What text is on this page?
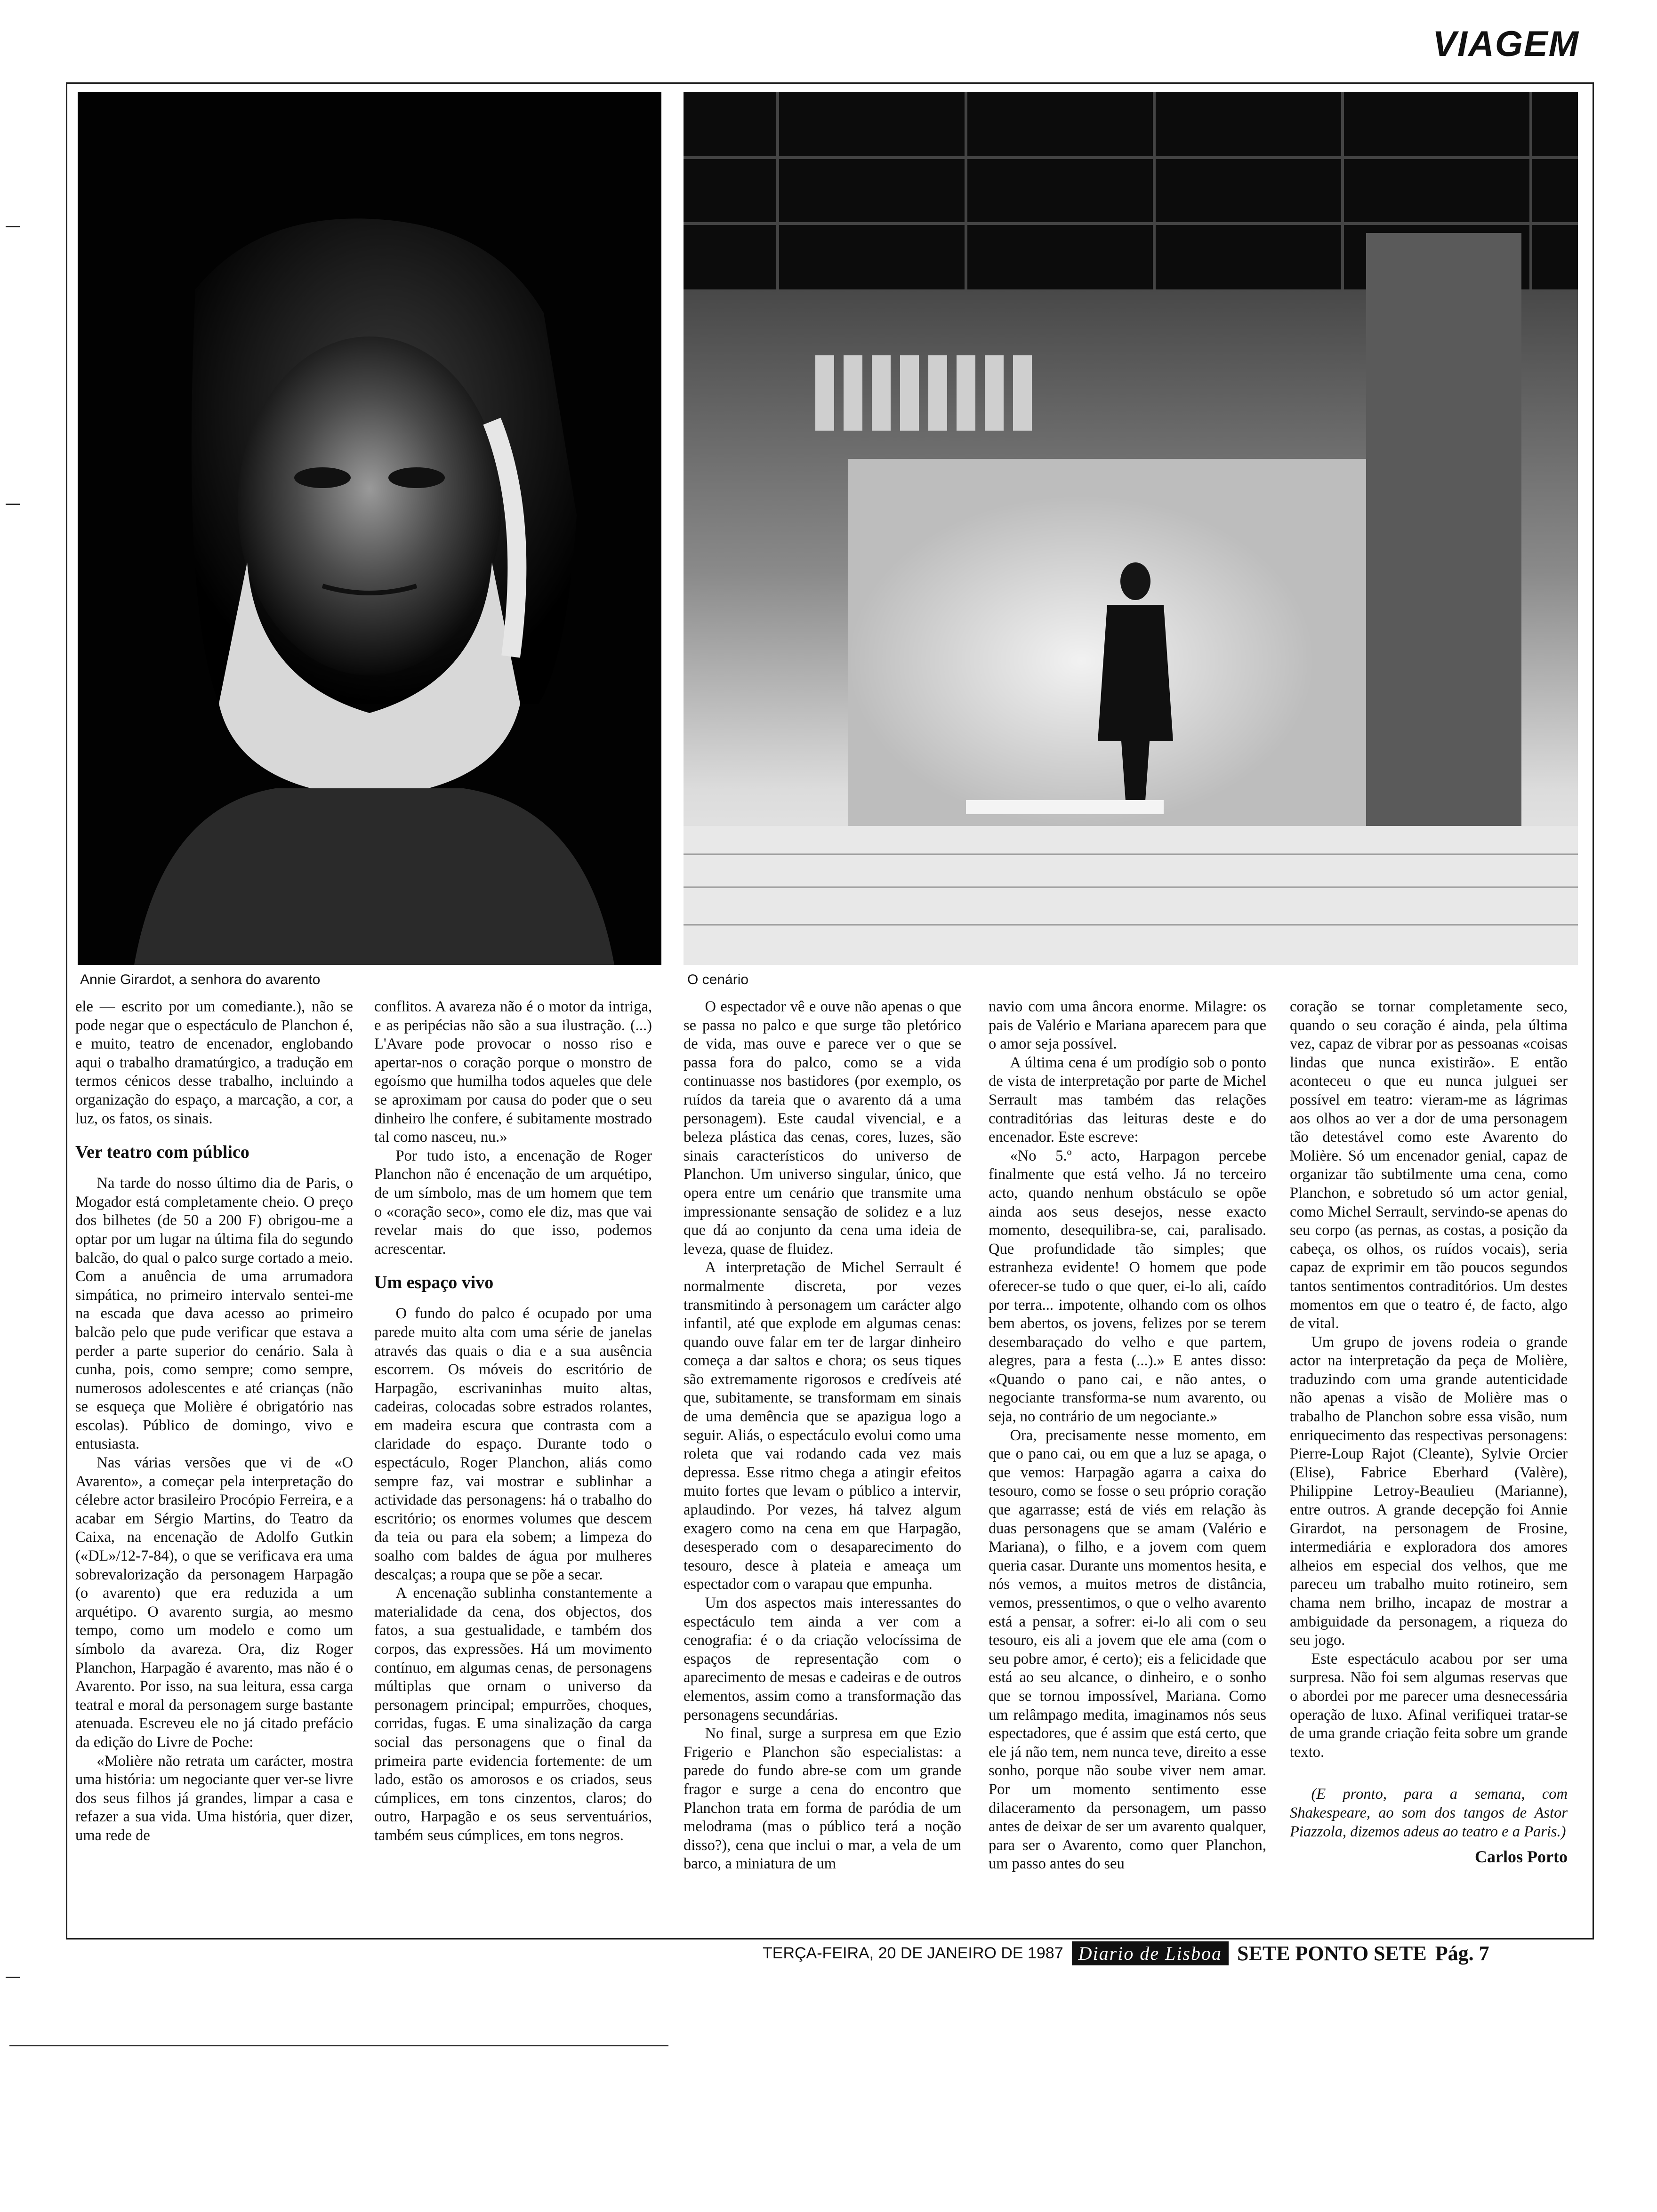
VIAGEM
Annie Girardot, a senhora do avarento	O cenário

ele — escrito por um comediante.), não se pode negar que o espectáculo de Planchon é, e muito, teatro de encenador, englobando aqui o trabalho dramatúrgico, a tradução em termos cénicos desse trabalho, incluindo a organização do espaço, a marcação, a cor, a luz, os fatos, os sinais.

Ver teatro com público

Na tarde do nosso último dia de Paris, o Mogador está completamente cheio. O preço dos bilhetes (de 50 a 200 F) obrigou-me a optar por um lugar na última fila do segundo balcão, do qual o palco surge cortado a meio. Com a anuência de uma arrumadora simpática, no primeiro intervalo sentei-me na escada que dava acesso ao primeiro balcão pelo que pude verificar que estava a perder a parte superior do cenário. Sala à cunha, pois, como sempre; como sempre, numerosos adolescentes e até crianças (não se esqueça que Molière é obrigatório nas escolas). Público de domingo, vivo e entusiasta.

Nas várias versões que vi de «O Avarento», a começar pela interpretação do célebre actor brasileiro Procópio Ferreira, e a acabar em Sérgio Martins, do Teatro da Caixa, na encenação de Adolfo Gutkin («DL»/12-7-84), o que se verificava era uma sobrevalorização da personagem Harpagão (o avarento) que era reduzida a um arquétipo. O avarento surgia, ao mesmo tempo, como um modelo e como um símbolo da avareza. Ora, diz Roger Planchon, Harpagão é avarento, mas não é o Avarento. Por isso, na sua leitura, essa carga teatral e moral da personagem surge bastante atenuada. Escreveu ele no já citado prefácio da edição do Livre de Poche:

«Molière não retrata um carácter, mostra uma história: um negociante quer ver-se livre dos seus filhos já grandes, limpar a casa e refazer a sua vida. Uma história, quer dizer, uma rede de

conflitos. A avareza não é o motor da intriga, e as peripécias não são a sua ilustração. (...) L'Avare pode provocar o nosso riso e apertar-nos o coração porque o monstro de egoísmo que humilha todos aqueles que dele se aproximam por causa do poder que o seu dinheiro lhe confere, é subitamente mostrado tal como nasceu, nu.»

Por tudo isto, a encenação de Roger Planchon não é encenação de um arquétipo, de um símbolo, mas de um homem que tem o «coração seco», como ele diz, mas que vai revelar mais do que isso, podemos acrescentar.

Um espaço vivo

O fundo do palco é ocupado por uma parede muito alta com uma série de janelas através das quais o dia e a sua ausência escorrem. Os móveis do escritório de Harpagão, escrivaninhas muito altas, cadeiras, colocadas sobre estrados rolantes, em madeira escura que contrasta com a claridade do espaço. Durante todo o espectáculo, Roger Planchon, aliás como sempre faz, vai mostrar e sublinhar a actividade das personagens: há o trabalho do escritório; os enormes volumes que descem da teia ou para ela sobem; a limpeza do soalho com baldes de água por mulheres descalças; a roupa que se põe a secar.

A encenação sublinha constantemente a materialidade da cena, dos objectos, dos fatos, a sua gestualidade, e também dos corpos, das expressões. Há um movimento contínuo, em algumas cenas, de personagens múltiplas que ornam o universo da personagem principal; empurrões, choques, corridas, fugas. E uma sinalização da carga social das personagens que o final da primeira parte evidencia fortemente: de um lado, estão os amorosos e os criados, seus cúmplices, em tons cinzentos, claros; do outro, Harpagão e os seus serventuários, também seus cúmplices, em tons negros.

O espectador vê e ouve não apenas o que se passa no palco e que surge tão pletórico de vida, mas ouve e parece ver o que se passa fora do palco, como se a vida continuasse nos bastidores (por exemplo, os ruídos da tareia que o avarento dá a uma personagem). Este caudal vivencial, e a beleza plástica das cenas, cores, luzes, são sinais característicos do universo de Planchon. Um universo singular, único, que opera entre um cenário que transmite uma impressionante sensação de solidez e a luz que dá ao conjunto da cena uma ideia de leveza, quase de fluidez.

A interpretação de Michel Serrault é normalmente discreta, por vezes transmitindo à personagem um carácter algo infantil, até que explode em algumas cenas: quando ouve falar em ter de largar dinheiro começa a dar saltos e chora; os seus tiques são extremamente rigorosos e credíveis até que, subitamente, se transformam em sinais de uma demência que se apazigua logo a seguir. Aliás, o espectáculo evolui como uma roleta que vai rodando cada vez mais depressa. Esse ritmo chega a atingir efeitos muito fortes que levam o público a intervir, aplaudindo. Por vezes, há talvez algum exagero como na cena em que Harpagão, desesperado com o desaparecimento do tesouro, desce à plateia e ameaça um espectador com o varapau que empunha.

Um dos aspectos mais interessantes do espectáculo tem ainda a ver com a cenografia: é o da criação velocíssima de espaços de representação com o aparecimento de mesas e cadeiras e de outros elementos, assim como a transformação das personagens secundárias.

No final, surge a surpresa em que Ezio Frigerio e Planchon são especialistas: a parede do fundo abre-se com um grande fragor e surge a cena do encontro que Planchon trata em forma de paródia de um melodrama (mas o público terá a noção disso?), cena que inclui o mar, a vela de um barco, a miniatura de um

navio com uma âncora enorme. Milagre: os pais de Valério e Mariana aparecem para que o amor seja possível.

A última cena é um prodígio sob o ponto de vista de interpretação por parte de Michel Serrault mas também das relações contraditórias das leituras deste e do encenador. Este escreve:

«No 5.º acto, Harpagon percebe finalmente que está velho. Já no terceiro acto, quando nenhum obstáculo se opõe ainda aos seus desejos, nesse exacto momento, desequilibra-se, cai, paralisado. Que profundidade tão simples; que estranheza evidente! O homem que pode oferecer-se tudo o que quer, ei-lo ali, caído por terra... impotente, olhando com os olhos bem abertos, os jovens, felizes por se terem desembaraçado do velho e que partem, alegres, para a festa (...).» E antes disso: «Quando o pano cai, e não antes, o negociante transforma-se num avarento, ou seja, no contrário de um negociante.»

Ora, precisamente nesse momento, em que o pano cai, ou em que a luz se apaga, o que vemos: Harpagão agarra a caixa do tesouro, como se fosse o seu próprio coração que agarrasse; está de viés em relação às duas personagens que se amam (Valério e Mariana), o filho, e a jovem com quem queria casar. Durante uns momentos hesita, e nós vemos, a muitos metros de distância, vemos, pressentimos, o que o velho avarento está a pensar, a sofrer: ei-lo ali com o seu tesouro, eis ali a jovem que ele ama (com o seu pobre amor, é certo); eis a felicidade que está ao seu alcance, o dinheiro, e o sonho que se tornou impossível, Mariana. Como um relâmpago medita, imaginamos nós seus espectadores, que é assim que está certo, que ele já não tem, nem nunca teve, direito a esse sonho, porque não soube viver nem amar. Por um momento sentimento esse dilaceramento da personagem, um passo antes de deixar de ser um avarento qualquer, para ser o Avarento, como quer Planchon, um passo antes do seu

coração se tornar completamente seco, quando o seu coração é ainda, pela última vez, capaz de vibrar por as pessoanas «coisas lindas que nunca existirão». E então aconteceu o que eu nunca julguei ser possível em teatro: vieram-me as lágrimas aos olhos ao ver a dor de uma personagem tão detestável como este Avarento do Molière. Só um encenador genial, capaz de organizar tão subtilmente uma cena, como Planchon, e sobretudo só um actor genial, como Michel Serrault, servindo-se apenas do seu corpo (as pernas, as costas, a posição da cabeça, os olhos, os ruídos vocais), seria capaz de exprimir em tão poucos segundos tantos sentimentos contraditórios. Um destes momentos em que o teatro é, de facto, algo de vital.

Um grupo de jovens rodeia o grande actor na interpretação da peça de Molière, traduzindo com uma grande autenticidade não apenas a visão de Molière mas o trabalho de Planchon sobre essa visão, num enriquecimento das respectivas personagens: Pierre-Loup Rajot (Cleante), Sylvie Orcier (Elise), Fabrice Eberhard (Valère), Philippine Letroy-Beaulieu (Marianne), entre outros. A grande decepção foi Annie Girardot, na personagem de Frosine, intermediária e exploradora dos amores alheios em especial dos velhos, que me pareceu um trabalho muito rotineiro, sem chama nem brilho, incapaz de mostrar a ambiguidade da personagem, a riqueza do seu jogo.

Este espectáculo acabou por ser uma surpresa. Não foi sem algumas reservas que o abordei por me parecer uma desnecessária operação de luxo. Afinal verifiquei tratar-se de uma grande criação feita sobre um grande texto.

(E pronto, para a semana, com Shakespeare, ao som dos tangos de Astor Piazzola, dizemos adeus ao teatro e a Paris.)

Carlos Porto

TERÇA-FEIRA, 20 DE JANEIRO DE 1987 Diario de Lisboa SETE PONTO SETE Pág. 7
